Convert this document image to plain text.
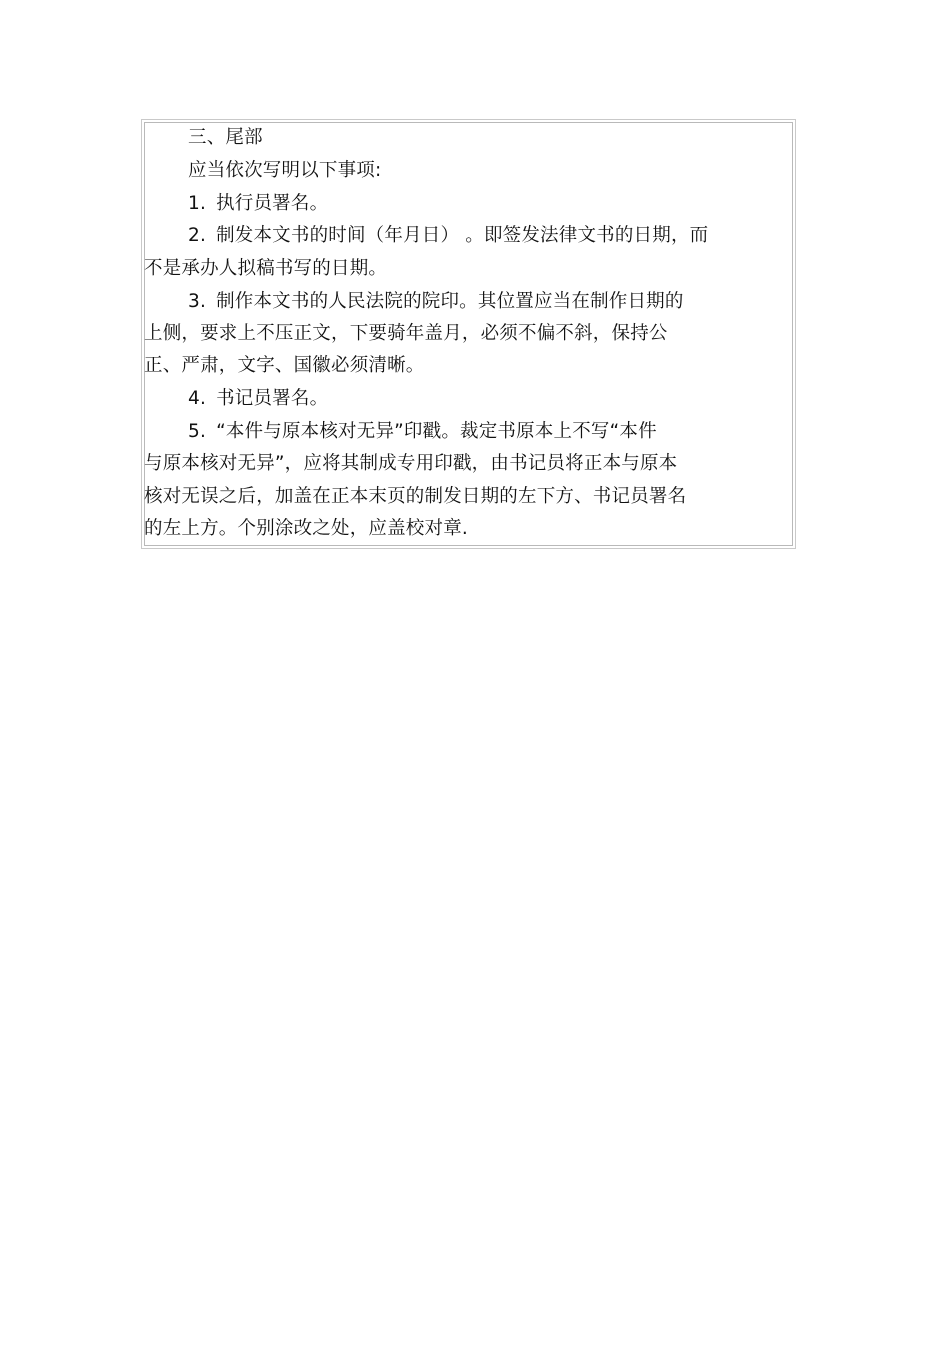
三、尾部
应当依次写明以下事项:
1. 执行员署名。
2. 制发本文书的时间（年月日） 。即签发法律文书的日期，而
不是承办人拟稿书写的日期。
3. 制作本文书的人民法院的院印。其位置应当在制作日期的
上侧，要求上不压正文，下要骑年盖月，必须不偏不斜，保持公
正、严肃，文字、国徽必须清晰。
4. 书记员署名。
5. “本件与原本核对无异”印戳。裁定书原本上不写“本件
与原本核对无异”，应将其制成专用印戳，由书记员将正本与原本
核对无误之后，加盖在正本末页的制发日期的左下方、书记员署名
的左上方。个别涂改之处，应盖校对章.
